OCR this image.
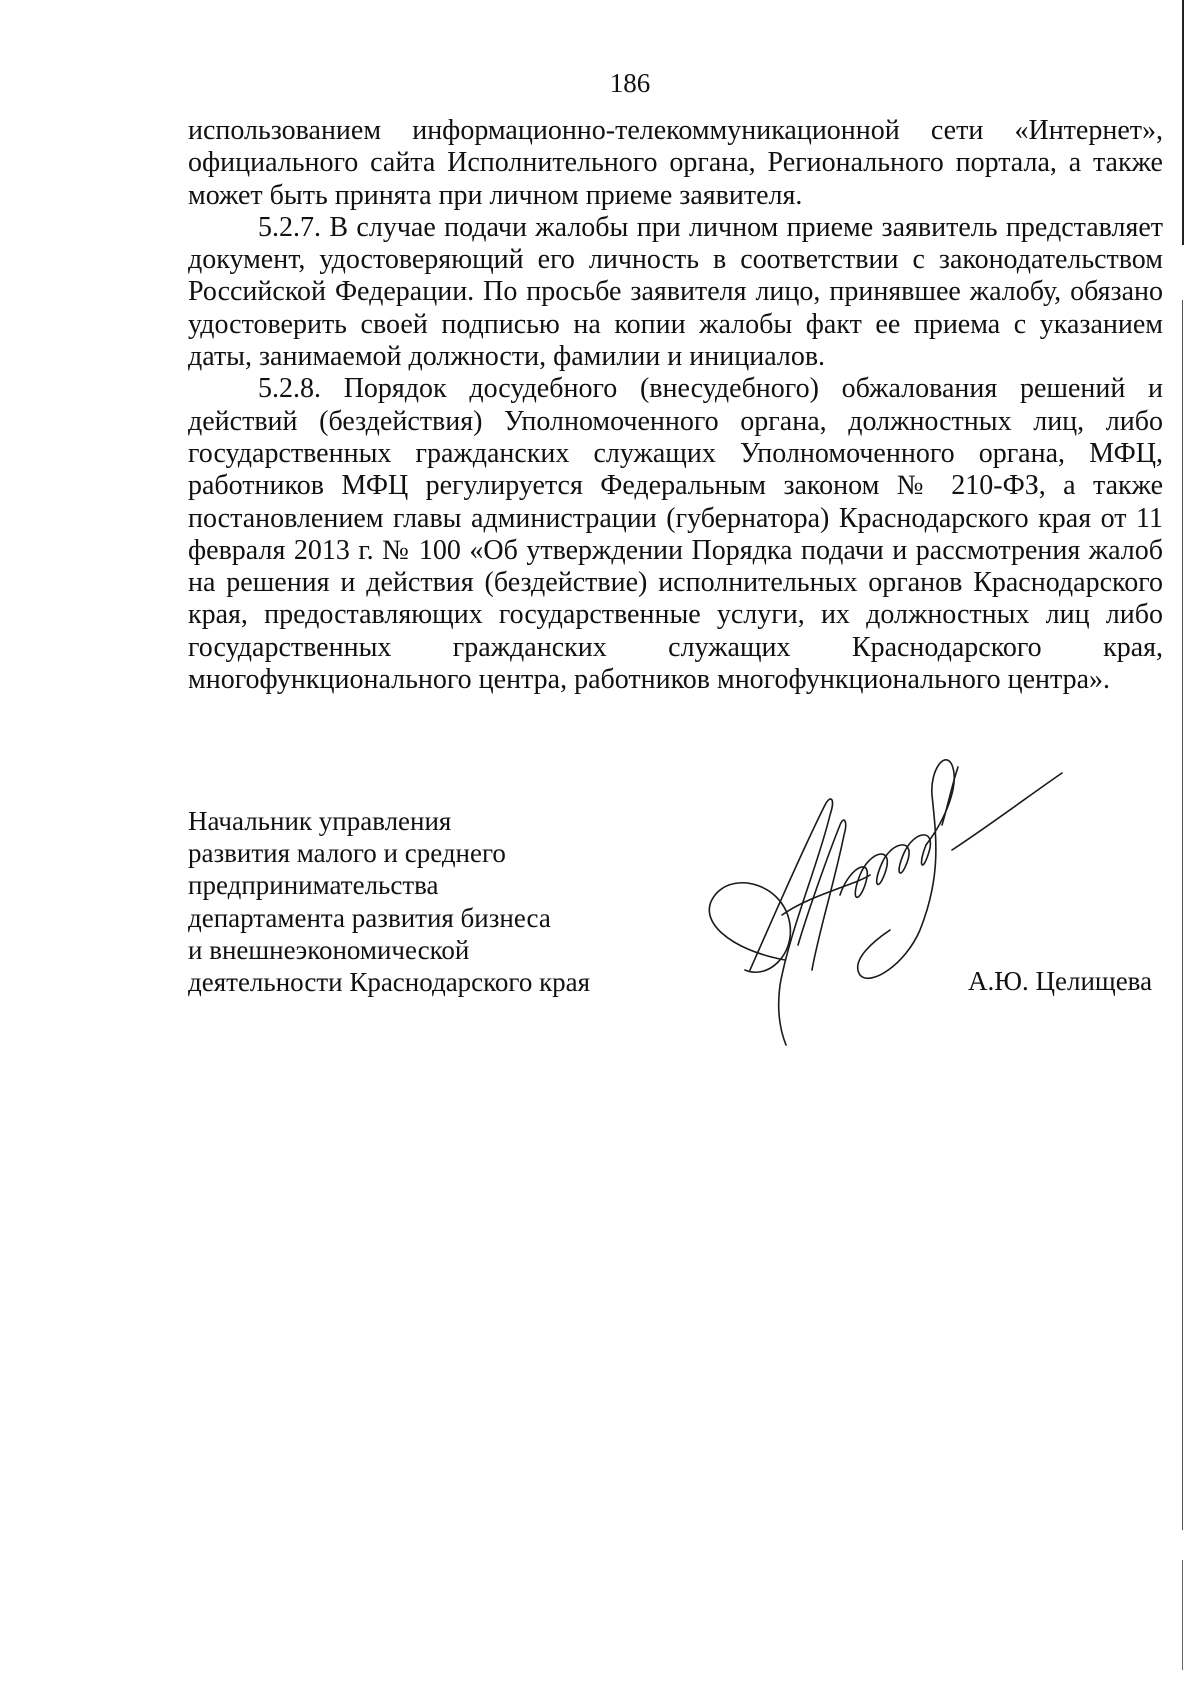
186

использованием информационно-телекоммуникационной сети «Интернет», официального сайта Исполнительного органа, Регионального портала, а также может быть принята при личном приеме заявителя.

5.2.7. В случае подачи жалобы при личном приеме заявитель представляет документ, удостоверяющий его личность в соответствии с законодательством Российской Федерации. По просьбе заявителя лицо, принявшее жалобу, обязано удостоверить своей подписью на копии жалобы факт ее приема с указанием даты, занимаемой должности, фамилии и инициалов.

5.2.8. Порядок досудебного (внесудебного) обжалования решений и действий (бездействия) Уполномоченного органа, должностных лиц, либо государственных гражданских служащих Уполномоченного органа, МФЦ, работников МФЦ регулируется Федеральным законом № 210-ФЗ, а также постановлением главы администрации (губернатора) Краснодарского края от 11 февраля 2013 г. № 100 «Об утверждении Порядка подачи и рассмотрения жалоб на решения и действия (бездействие) исполнительных органов Краснодарского края, предоставляющих государственные услуги, их должностных лиц либо государственных гражданских служащих Краснодарского края, многофункционального центра, работников многофункционального центра».

Начальник управления
развития малого и среднего
предпринимательства
департамента развития бизнеса
и внешнеэкономической
деятельности Краснодарского края	А.Ю. Целищева
